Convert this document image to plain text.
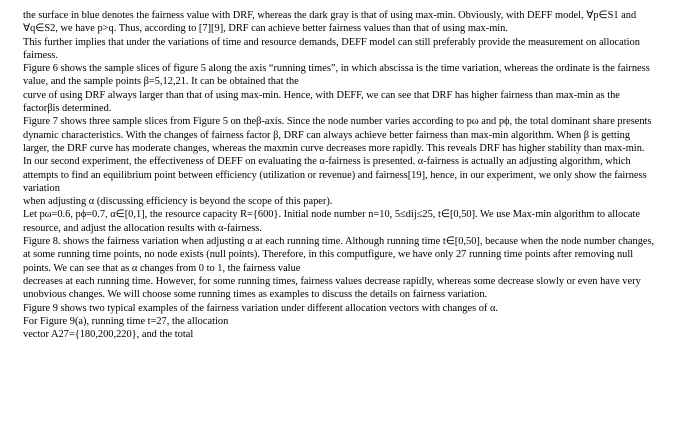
the surface in blue denotes the fairness value with DRF, whereas the dark gray is that of using max-min. Obviously, with DEFF model, ∀p∈S1 and ∀q∈S2, we have p>q. Thus, according to [7][9], DRF can achieve better fairness values than that of using max-min.

This further implies that under the variations of time and resource demands, DEFF model can still preferably provide the measurement on allocation fairness.

Figure 6 shows the sample slices of figure 5 along the axis “running times”, in which abscissa is the time variation, whereas the ordinate is the fairness value, and the sample points β=5,12,21. It can be obtained that the

curve of using DRF always larger than that of using max-min. Hence, with DEFF, we can see that DRF has higher fairness than max-min as the factorβis determined.

Figure 7 shows three sample slices from Figure 5 on theβ-axis. Since the node number varies according to pω and pϕ, the total dominant share presents dynamic characteristics. With the changes of fairness factor β, DRF can always achieve better fairness than max-min algorithm. When β is getting larger, the DRF curve has moderate changes, whereas the maxmin curve decreases more rapidly. This reveals DRF has higher stability than max-min.

In our second experiment, the effectiveness of DEFF on evaluating the α-fairness is presented. α-fairness is actually an adjusting algorithm, which attempts to find an equilibrium point between efficiency (utilization or revenue) and fairness[19], hence, in our experiment, we only show the fairness variation

when adjusting α (discussing efficiency is beyond the scope of this paper).

Let pω=0.6, pϕ=0.7, α∈[0,1], the resource capacity R={600}. Initial node number n=10, 5≤dij≤25, t∈[0,50]. We use Max-min algorithm to allocate resource, and adjust the allocation results with α-fairness.

Figure 8. shows the fairness variation when adjusting α at each running time. Although running time t∈[0,50], because when the node number changes, at some running time points, no node exists (null points). Therefore, in this computfigure, we have only 27 running time points after removing null points. We can see that as α changes from 0 to 1, the fairness value

decreases at each running time. However, for some running times, fairness values decrease rapidly, whereas some decrease slowly or even have very unobvious changes. We will choose some running times as examples to discuss the details on fairness variation.

Figure 9 shows two typical examples of the fairness variation under different allocation vectors with changes of α.

For Figure 9(a), running time t=27, the allocation

vector A27={180,200,220}, and the total
